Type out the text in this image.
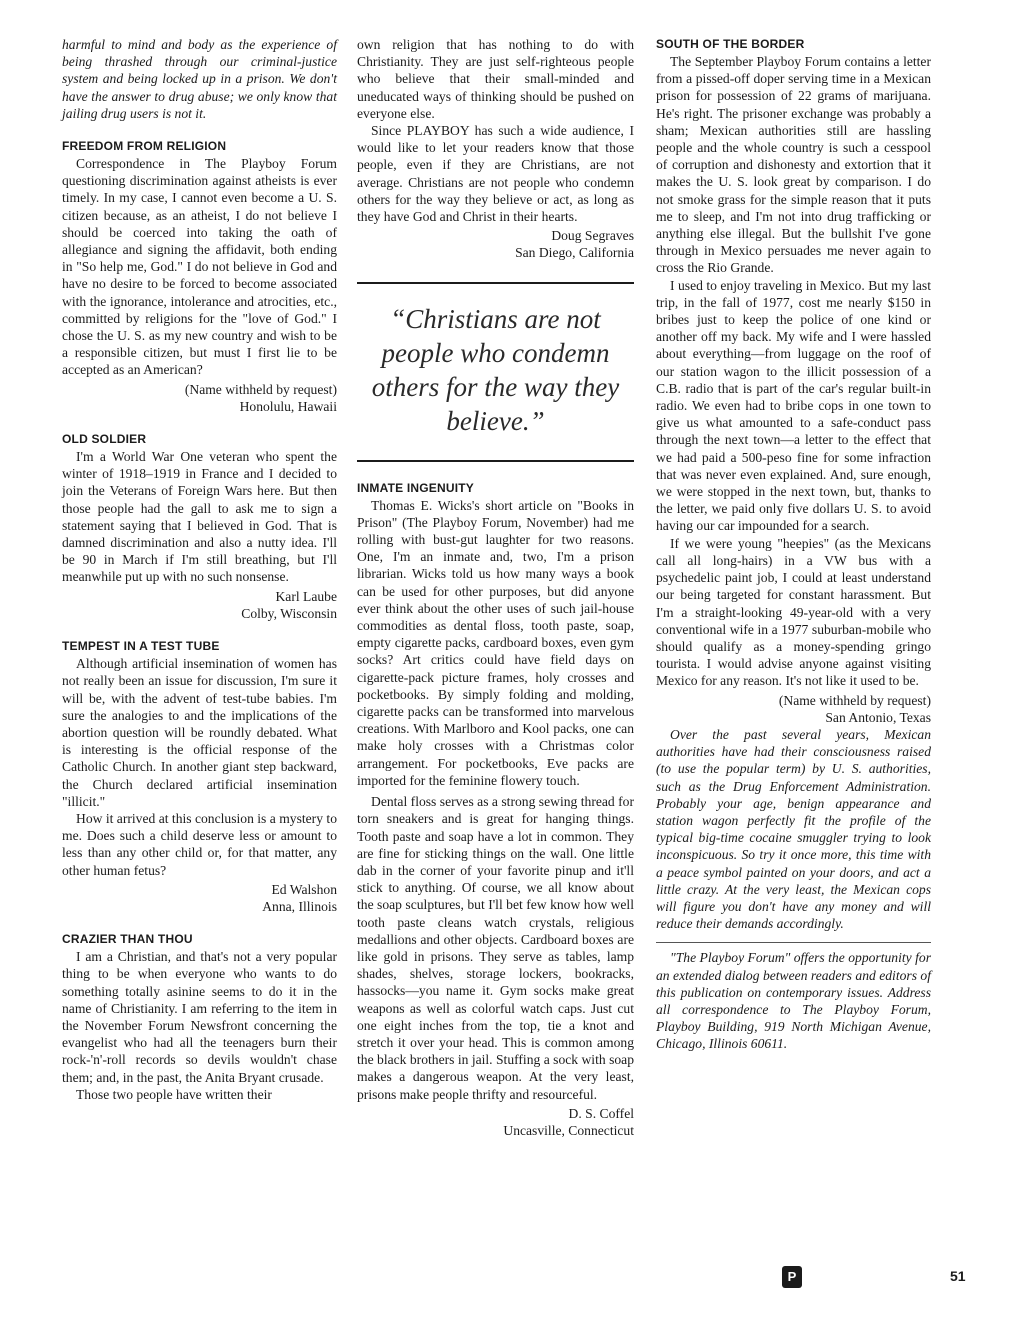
harmful to mind and body as the experience of being thrashed through our criminal-justice system and being locked up in a prison. We don't have the answer to drug abuse; we only know that jailing drug users is not it.

FREEDOM FROM RELIGION

Correspondence in The Playboy Forum questioning discrimination against atheists is ever timely. In my case, I cannot even become a U. S. citizen because, as an atheist, I do not believe I should be coerced into taking the oath of allegiance and signing the affidavit, both ending in "So help me, God." I do not believe in God and have no desire to be forced to become associated with the ignorance, intolerance and atrocities, etc., committed by religions for the "love of God." I chose the U. S. as my new country and wish to be a responsible citizen, but must I first lie to be accepted as an American?

(Name withheld by request)
Honolulu, Hawaii
OLD SOLDIER

I'm a World War One veteran who spent the winter of 1918–1919 in France and I decided to join the Veterans of Foreign Wars here. But then those people had the gall to ask me to sign a statement saying that I believed in God. That is damned discrimination and also a nutty idea. I'll be 90 in March if I'm still breathing, but I'll meanwhile put up with no such nonsense.

Karl Laube
Colby, Wisconsin
TEMPEST IN A TEST TUBE

Although artificial insemination of women has not really been an issue for discussion, I'm sure it will be, with the advent of test-tube babies. I'm sure the analogies to and the implications of the abortion question will be roundly debated. What is interesting is the official response of the Catholic Church. In another giant step backward, the Church declared artificial insemination "illicit."

How it arrived at this conclusion is a mystery to me. Does such a child deserve less or amount to less than any other child or, for that matter, any other human fetus?

Ed Walshon
Anna, Illinois
CRAZIER THAN THOU

I am a Christian, and that's not a very popular thing to be when everyone who wants to do something totally asinine seems to do it in the name of Christianity. I am referring to the item in the November Forum Newsfront concerning the evangelist who had all the teenagers burn their rock-'n'-roll records so devils wouldn't chase them; and, in the past, the Anita Bryant crusade.

Those two people have written their

own religion that has nothing to do with Christianity. They are just self-righteous people who believe that their small-minded and uneducated ways of thinking should be pushed on everyone else.

Since PLAYBOY has such a wide audience, I would like to let your readers know that those people, even if they are Christians, are not average. Christians are not people who condemn others for the way they believe or act, as long as they have God and Christ in their hearts.

Doug Segraves
San Diego, California
“Christians are not people who condemn others for the way they believe.”
INMATE INGENUITY

Thomas E. Wicks's short article on "Books in Prison" (The Playboy Forum, November) had me rolling with bust-gut laughter for two reasons. One, I'm an inmate and, two, I'm a prison librarian. Wicks told us how many ways a book can be used for other purposes, but did anyone ever think about the other uses of such jail-house commodities as dental floss, tooth paste, soap, empty cigarette packs, cardboard boxes, even gym socks? Art critics could have field days on cigarette-pack picture frames, holy crosses and pocketbooks. By simply folding and molding, cigarette packs can be transformed into marvelous creations. With Marlboro and Kool packs, one can make holy crosses with a Christmas color arrangement. For pocketbooks, Eve packs are imported for the feminine flowery touch.

Dental floss serves as a strong sewing thread for torn sneakers and is great for hanging things. Tooth paste and soap have a lot in common. They are fine for sticking things on the wall. One little dab in the corner of your favorite pinup and it'll stick to anything. Of course, we all know about the soap sculptures, but I'll bet few know how well tooth paste cleans watch crystals, religious medallions and other objects. Cardboard boxes are like gold in prisons. They serve as tables, lamp shades, shelves, storage lockers, bookracks, hassocks—you name it. Gym socks make great weapons as well as colorful watch caps. Just cut one eight inches from the top, tie a knot and stretch it over your head. This is common among the black brothers in jail. Stuffing a sock with soap makes a dangerous weapon. At the very least, prisons make people thrifty and resourceful.

D. S. Coffel
Uncasville, Connecticut
SOUTH OF THE BORDER

The September Playboy Forum contains a letter from a pissed-off doper serving time in a Mexican prison for possession of 22 grams of marijuana. He's right. The prisoner exchange was probably a sham; Mexican authorities still are hassling people and the whole country is such a cesspool of corruption and dishonesty and extortion that it makes the U. S. look great by comparison. I do not smoke grass for the simple reason that it puts me to sleep, and I'm not into drug trafficking or anything else illegal. But the bullshit I've gone through in Mexico persuades me never again to cross the Rio Grande.

I used to enjoy traveling in Mexico. But my last trip, in the fall of 1977, cost me nearly $150 in bribes just to keep the police of one kind or another off my back. My wife and I were hassled about everything—from luggage on the roof of our station wagon to the illicit possession of a C.B. radio that is part of the car's regular built-in radio. We even had to bribe cops in one town to give us what amounted to a safe-conduct pass through the next town—a letter to the effect that we had paid a 500-peso fine for some infraction that was never even explained. And, sure enough, we were stopped in the next town, but, thanks to the letter, we paid only five dollars U. S. to avoid having our car impounded for a search.

If we were young "heepies" (as the Mexicans call all long-hairs) in a VW bus with a psychedelic paint job, I could at least understand our being targeted for constant harassment. But I'm a straight-looking 49-year-old with a very conventional wife in a 1977 suburban-mobile who should qualify as a money-spending gringo tourista. I would advise anyone against visiting Mexico for any reason. It's not like it used to be.

(Name withheld by request)
San Antonio, Texas

Over the past several years, Mexican authorities have had their consciousness raised (to use the popular term) by U. S. authorities, such as the Drug Enforcement Administration. Probably your age, benign appearance and station wagon perfectly fit the profile of the typical big-time cocaine smuggler trying to look inconspicuous. So try it once more, this time with a peace symbol painted on your doors, and act a little crazy. At the very least, the Mexican cops will figure you don't have any money and will reduce their demands accordingly.

"The Playboy Forum" offers the opportunity for an extended dialog between readers and editors of this publication on contemporary issues. Address all correspondence to The Playboy Forum, Playboy Building, 919 North Michigan Avenue, Chicago, Illinois 60611.

P	51
